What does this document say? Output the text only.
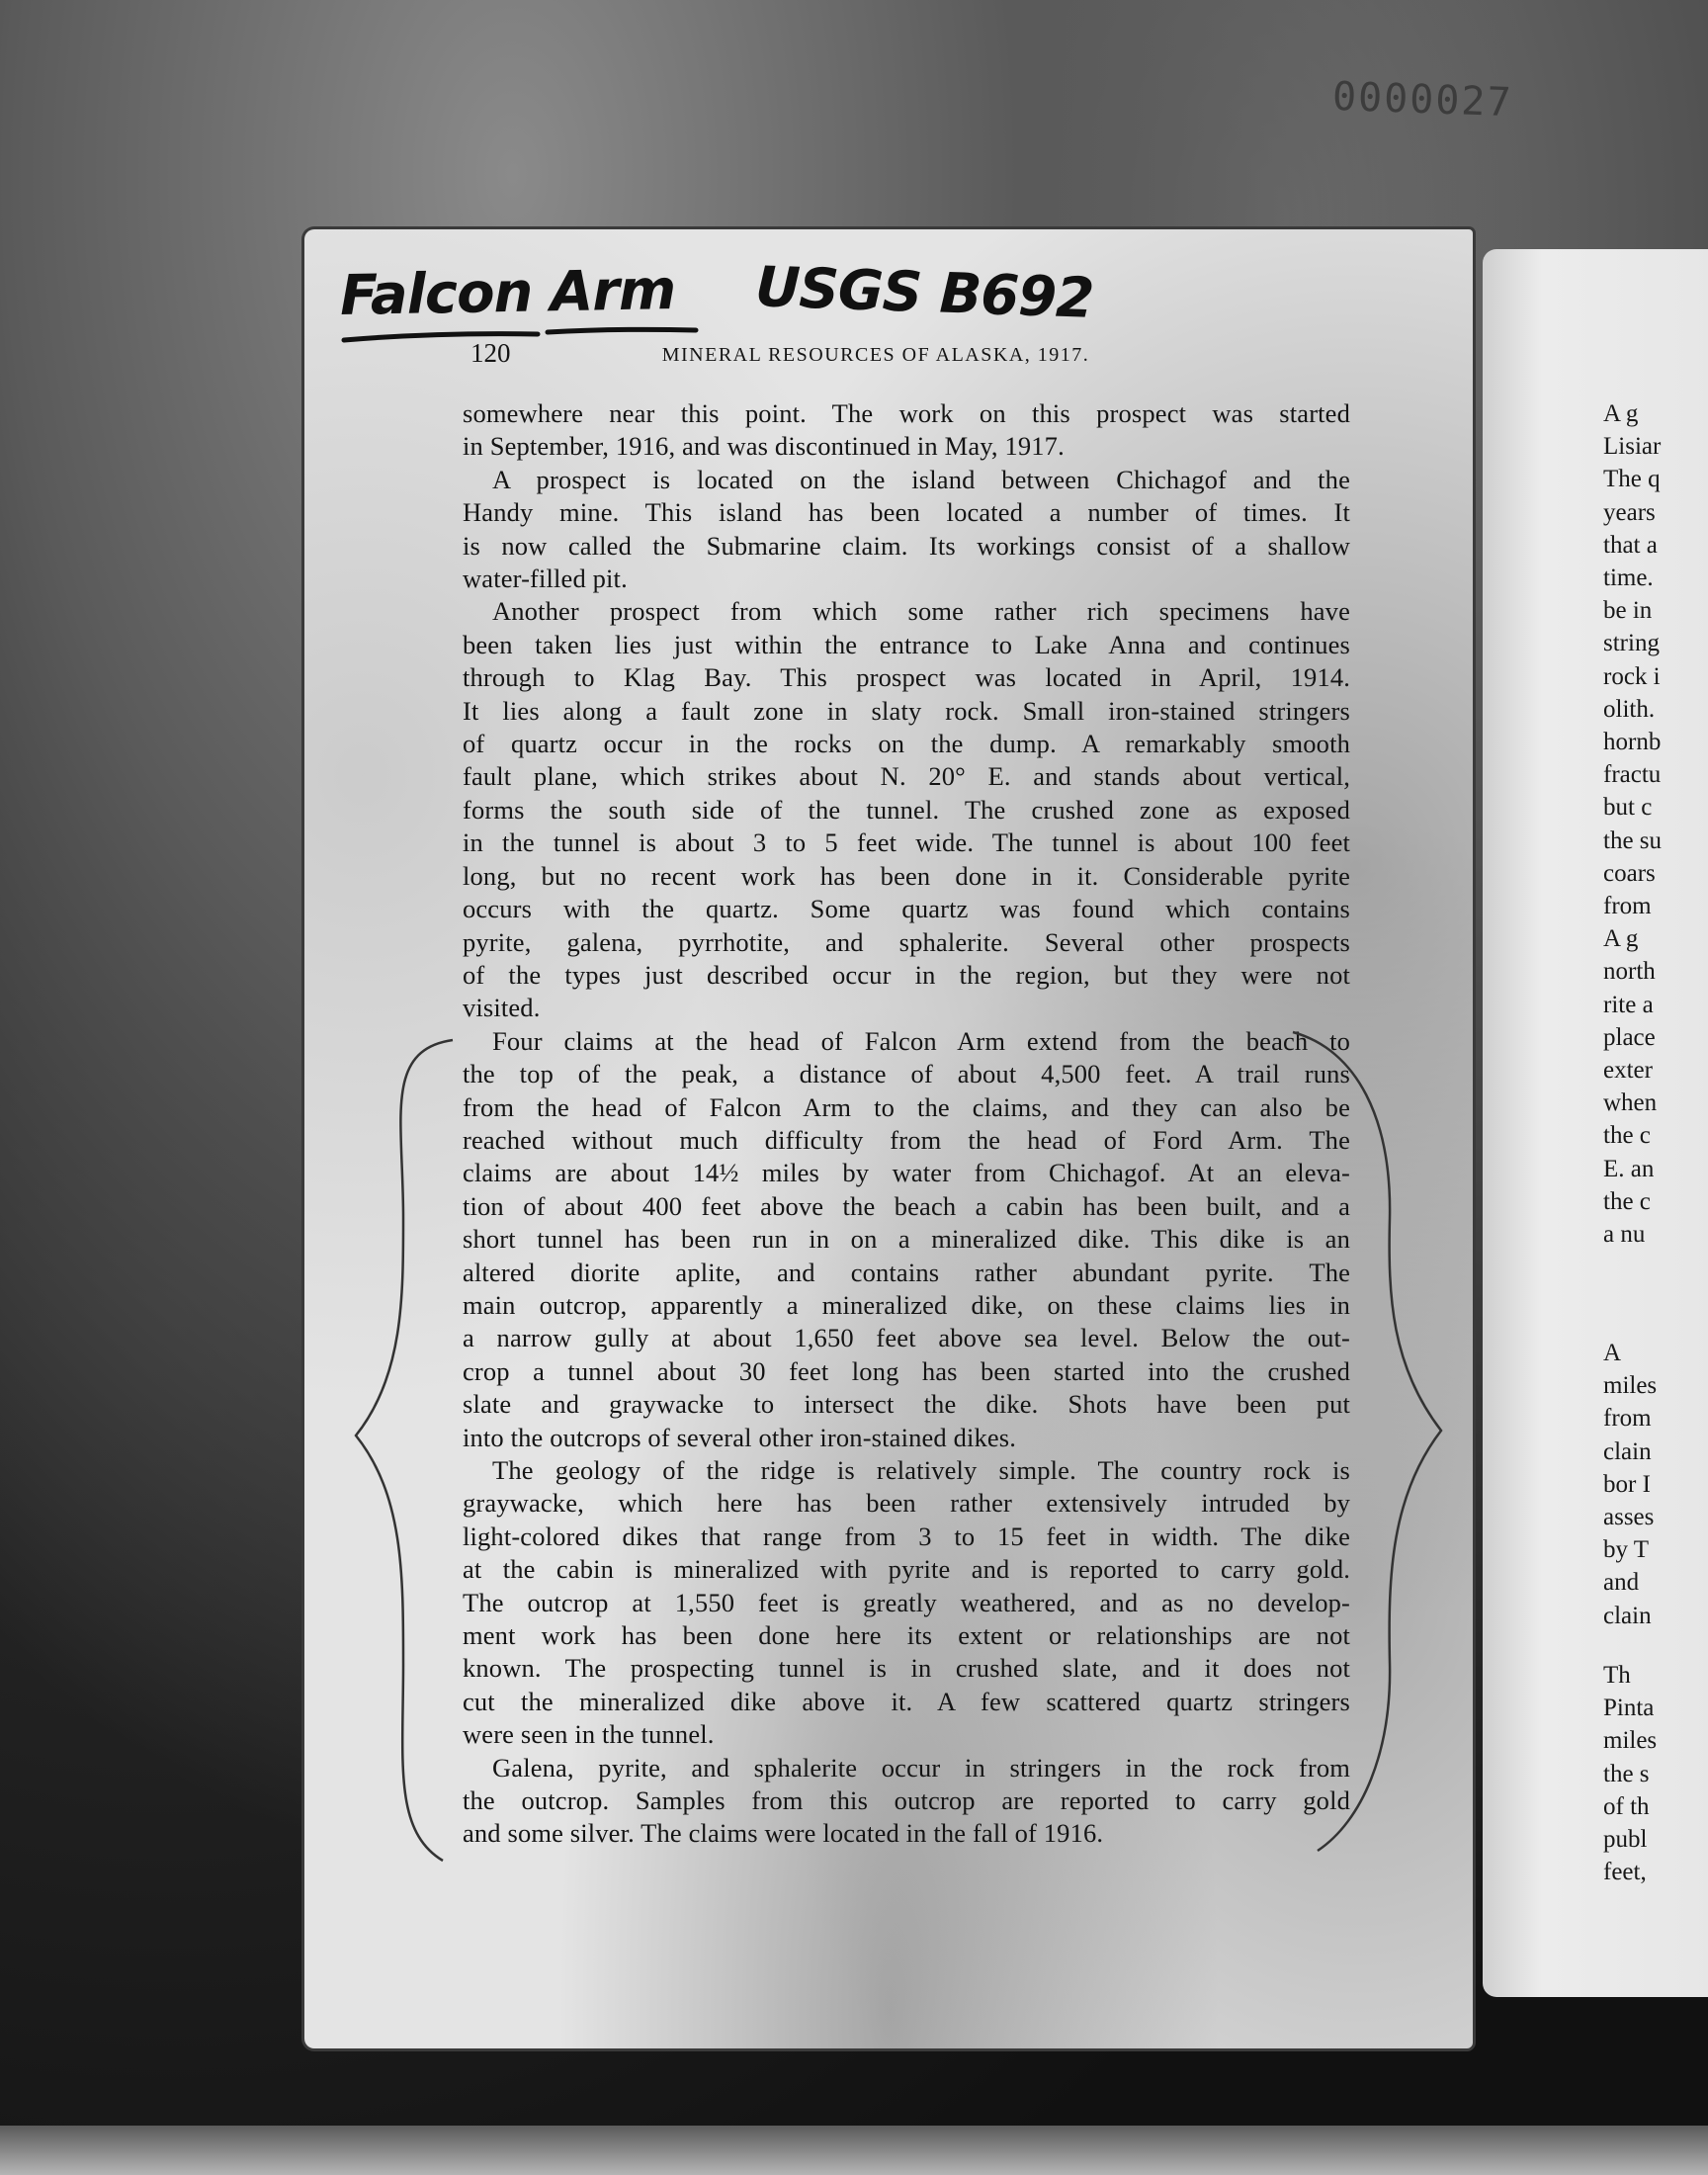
0000027
A g
Lisiar
The q
years
that a
time.
be in
string
rock i
olith.
hornb
fractu
but c
the su
coars
from
A g
north
rite a
place
exter
when
the c
E. an
the c
a nu
A
miles
from
clain
bor I
asses
by T
and
clain
Th
Pinta
miles
the s
of th
publ
feet,
Falcon Arm USGS B692
120	MINERAL RESOURCES OF ALASKA, 1917.
somewhere near this point. The work on this prospect was started
in September, 1916, and was discontinued in May, 1917.
A prospect is located on the island between Chichagof and the
Handy mine. This island has been located a number of times. It
is now called the Submarine claim. Its workings consist of a shallow
water-filled pit.
Another prospect from which some rather rich specimens have
been taken lies just within the entrance to Lake Anna and continues
through to Klag Bay. This prospect was located in April, 1914.
It lies along a fault zone in slaty rock. Small iron-stained stringers
of quartz occur in the rocks on the dump. A remarkably smooth
fault plane, which strikes about N. 20° E. and stands about vertical,
forms the south side of the tunnel. The crushed zone as exposed
in the tunnel is about 3 to 5 feet wide. The tunnel is about 100 feet
long, but no recent work has been done in it. Considerable pyrite
occurs with the quartz. Some quartz was found which contains
pyrite, galena, pyrrhotite, and sphalerite. Several other prospects
of the types just described occur in the region, but they were not
visited.
Four claims at the head of Falcon Arm extend from the beach to
the top of the peak, a distance of about 4,500 feet. A trail runs
from the head of Falcon Arm to the claims, and they can also be
reached without much difficulty from the head of Ford Arm. The
claims are about 14½ miles by water from Chichagof. At an eleva-
tion of about 400 feet above the beach a cabin has been built, and a
short tunnel has been run in on a mineralized dike. This dike is an
altered diorite aplite, and contains rather abundant pyrite. The
main outcrop, apparently a mineralized dike, on these claims lies in
a narrow gully at about 1,650 feet above sea level. Below the out-
crop a tunnel about 30 feet long has been started into the crushed
slate and graywacke to intersect the dike. Shots have been put
into the outcrops of several other iron-stained dikes.
The geology of the ridge is relatively simple. The country rock is
graywacke, which here has been rather extensively intruded by
light-colored dikes that range from 3 to 15 feet in width. The dike
at the cabin is mineralized with pyrite and is reported to carry gold.
The outcrop at 1,550 feet is greatly weathered, and as no develop-
ment work has been done here its extent or relationships are not
known. The prospecting tunnel is in crushed slate, and it does not
cut the mineralized dike above it. A few scattered quartz stringers
were seen in the tunnel.
Galena, pyrite, and sphalerite occur in stringers in the rock from
the outcrop. Samples from this outcrop are reported to carry gold
and some silver. The claims were located in the fall of 1916.
